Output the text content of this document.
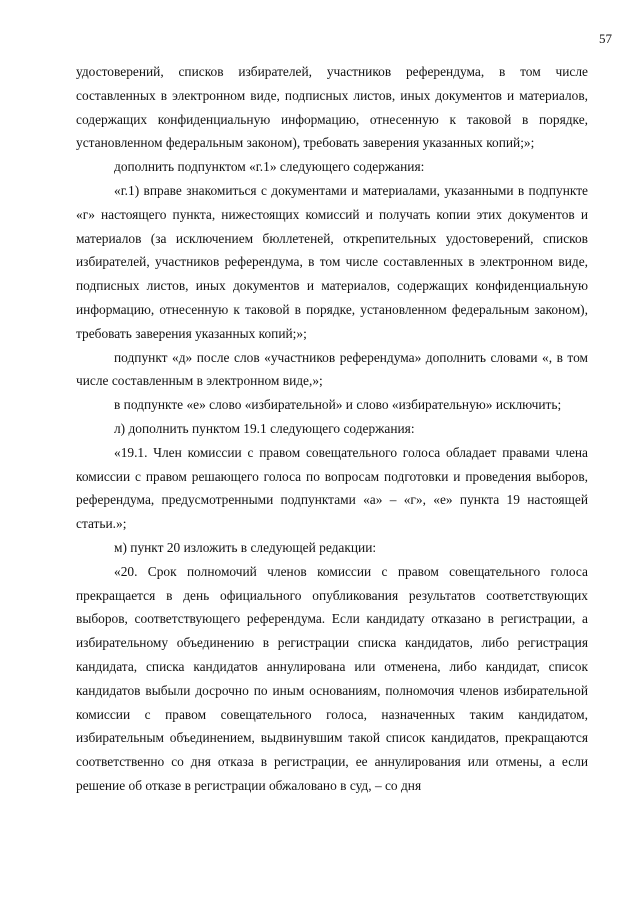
57

удостоверений, списков избирателей, участников референдума, в том числе составленных в электронном виде, подписных листов, иных документов и материалов, содержащих конфиденциальную информацию, отнесенную к таковой в порядке, установленном федеральным законом), требовать заверения указанных копий;»;

дополнить подпунктом «г.1» следующего содержания:

«г.1) вправе знакомиться с документами и материалами, указанными в подпункте «г» настоящего пункта, нижестоящих комиссий и получать копии этих документов и материалов (за исключением бюллетеней, открепительных удостоверений, списков избирателей, участников референдума, в том числе составленных в электронном виде, подписных листов, иных документов и материалов, содержащих конфиденциальную информацию, отнесенную к таковой в порядке, установленном федеральным законом), требовать заверения указанных копий;»;

подпункт «д» после слов «участников референдума» дополнить словами «, в том числе составленным в электронном виде,»;

в подпункте «е» слово «избирательной» и слово «избирательную» исключить;

л) дополнить пунктом 19.1 следующего содержания:

«19.1. Член комиссии с правом совещательного голоса обладает правами члена комиссии с правом решающего голоса по вопросам подготовки и проведения выборов, референдума, предусмотренными подпунктами «а» – «г», «е» пункта 19 настоящей статьи.»;

м) пункт 20 изложить в следующей редакции:

«20. Срок полномочий членов комиссии с правом совещательного голоса прекращается в день официального опубликования результатов соответствующих выборов, соответствующего референдума. Если кандидату отказано в регистрации, а избирательному объединению в регистрации списка кандидатов, либо регистрация кандидата, списка кандидатов аннулирована или отменена, либо кандидат, список кандидатов выбыли досрочно по иным основаниям, полномочия членов избирательной комиссии с правом совещательного голоса, назначенных таким кандидатом, избирательным объединением, выдвинувшим такой список кандидатов, прекращаются соответственно со дня отказа в регистрации, ее аннулирования или отмены, а если решение об отказе в регистрации обжаловано в суд, – со дня
